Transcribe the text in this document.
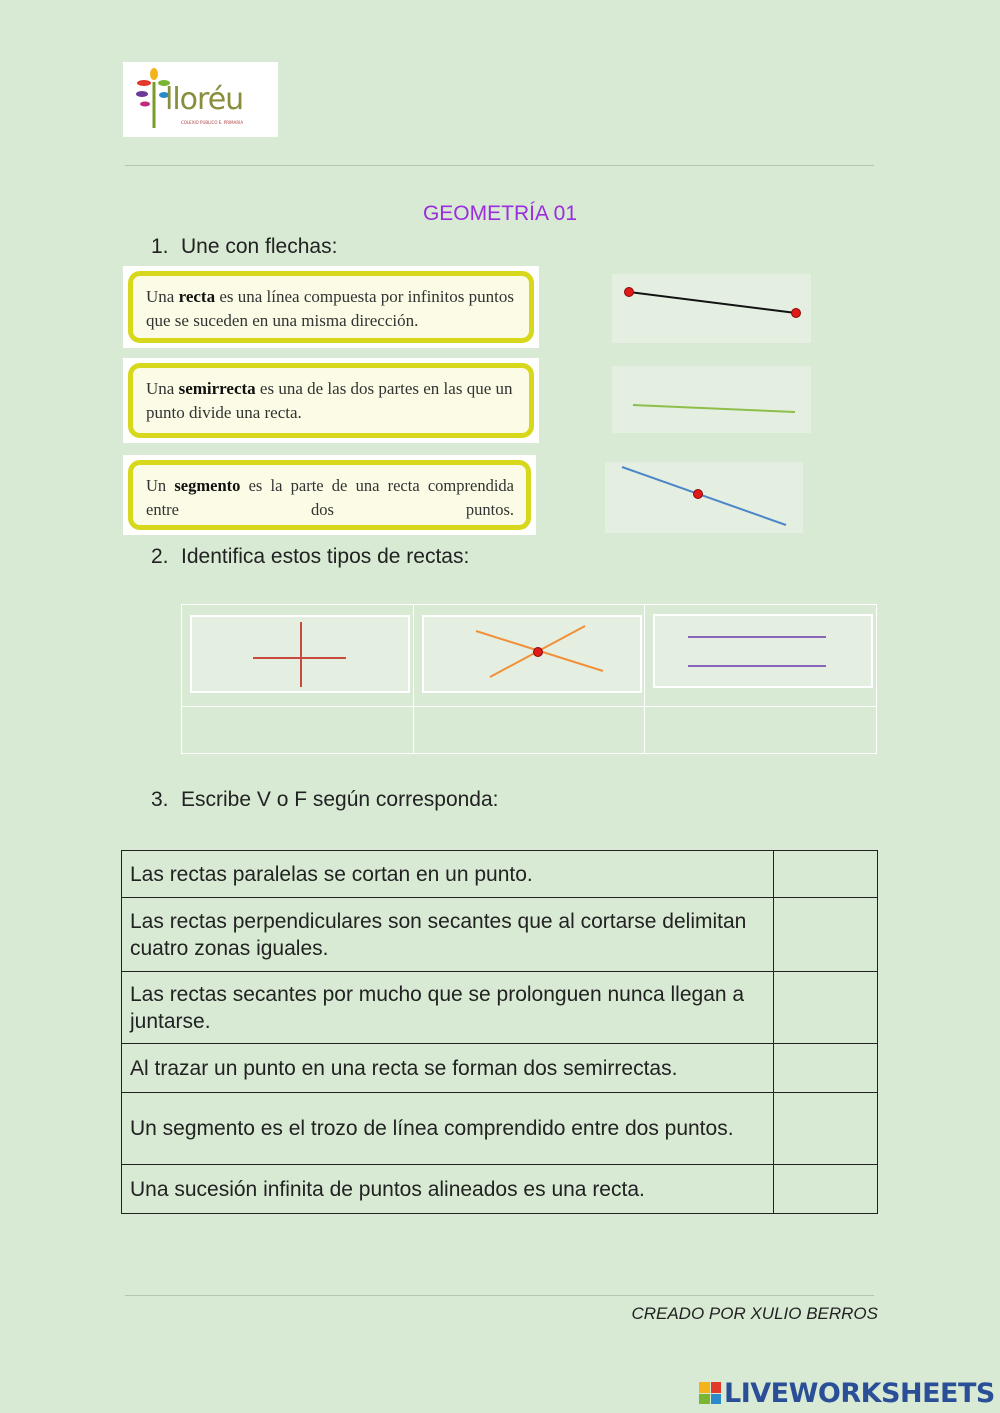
lloréu
COLEXIO PÚBLICO E. PRIMARIA
GEOMETRÍA 01
1. Une con flechas:
Una recta es una línea compuesta por infinitos puntos que se suceden en una misma dirección.
Una semirrecta es una de las dos partes en las que un punto divide una recta.
Un segmento es la parte de una recta comprendida entre dos puntos.
2. Identifica estos tipos de rectas:

3. Escribe V o F según corresponda:
Las rectas paralelas se cortan en un punto.	
Las rectas perpendiculares son secantes que al cortarse delimitan cuatro zonas iguales.	
Las rectas secantes por mucho que se prolonguen nunca llegan a juntarse.	
Al trazar un punto en una recta se forman dos semirrectas.	
Un segmento es el trozo de línea comprendido entre dos puntos.	
Una sucesión infinita de puntos alineados es una recta.	
CREADO POR XULIO BERROS
LIVEWORKSHEETS
